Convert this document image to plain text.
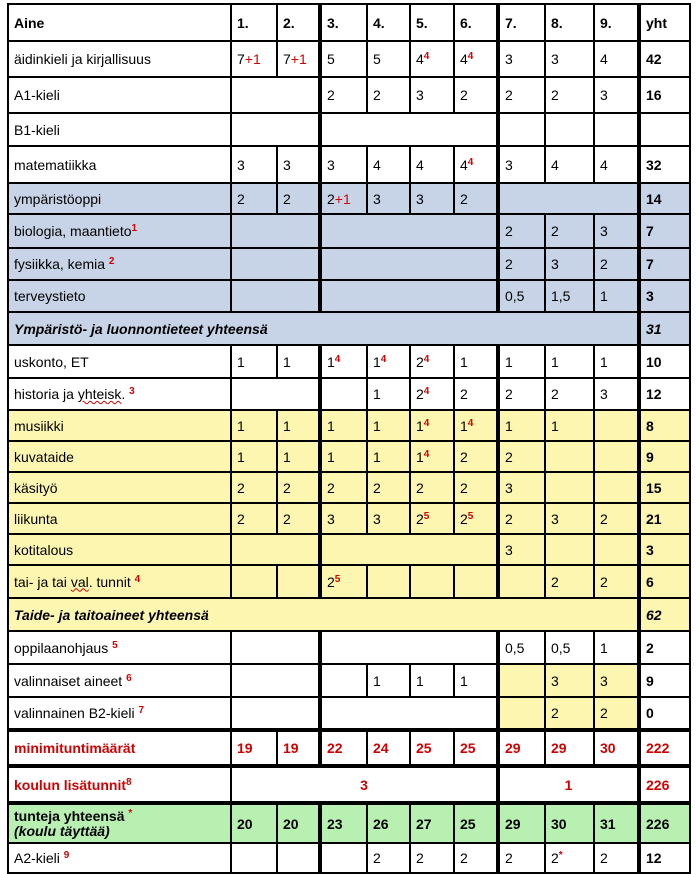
Aine	1.	2.	3.	4.	5.	6.	7.	8.	9.	yht
äidinkieli ja kirjallisuus	7+1	7+1	5	5	$4^4$	$4^4$	3	3	4	42
A1-kieli			2	2	3	2	2	2	3	16
B1-kieli										
matematiikka	3	3	3	4	4	$4^4$	3	4	4	32
ympäristöoppi	2	2	2+1	3	3	2				14
biologia, maantieto$^1$							2	2	3	7
fysiikka, kemia $^2$							2	3	2	7
terveystieto							0,5	1,5	1	3
Ympäristö- ja luonnontieteet yhteensä										31
uskonto, ET	1	1	$1^4$	$1^4$	$2^4$	1	1	1	1	10
historia ja yhteisk. $^3$				1	$2^4$	2	2	2	3	12
musiikki	1	1	1	1	$1^4$	$1^4$	1	1		8
kuvataide	1	1	1	1	$1^4$	2	2			9
käsityö	2	2	2	2	2	2	3			15
liikunta	2	2	3	3	$2^5$	$2^5$	2	3	2	21
kotitalous							3			3
tai- ja tai val. tunnit $^4$			$2^5$					2	2	6
Taide- ja taitoaineet yhteensä										62
oppilaanohjaus $^5$							0,5	0,5	1	2
valinnaiset aineet $^6$				1	1	1		3	3	9
valinnainen B2-kieli $^7$								2	2	0
minimituntimäärät	19	19	22	24	25	25	29	29	30	222
koulun lisätunnit$^8$	3						1			226
tunteja yhteensä *
(koulu täyttää)	20	20	23	26	27	25	29	30	31	226
A2-kieli $^9$				2	2	2	2	2*	2	12
